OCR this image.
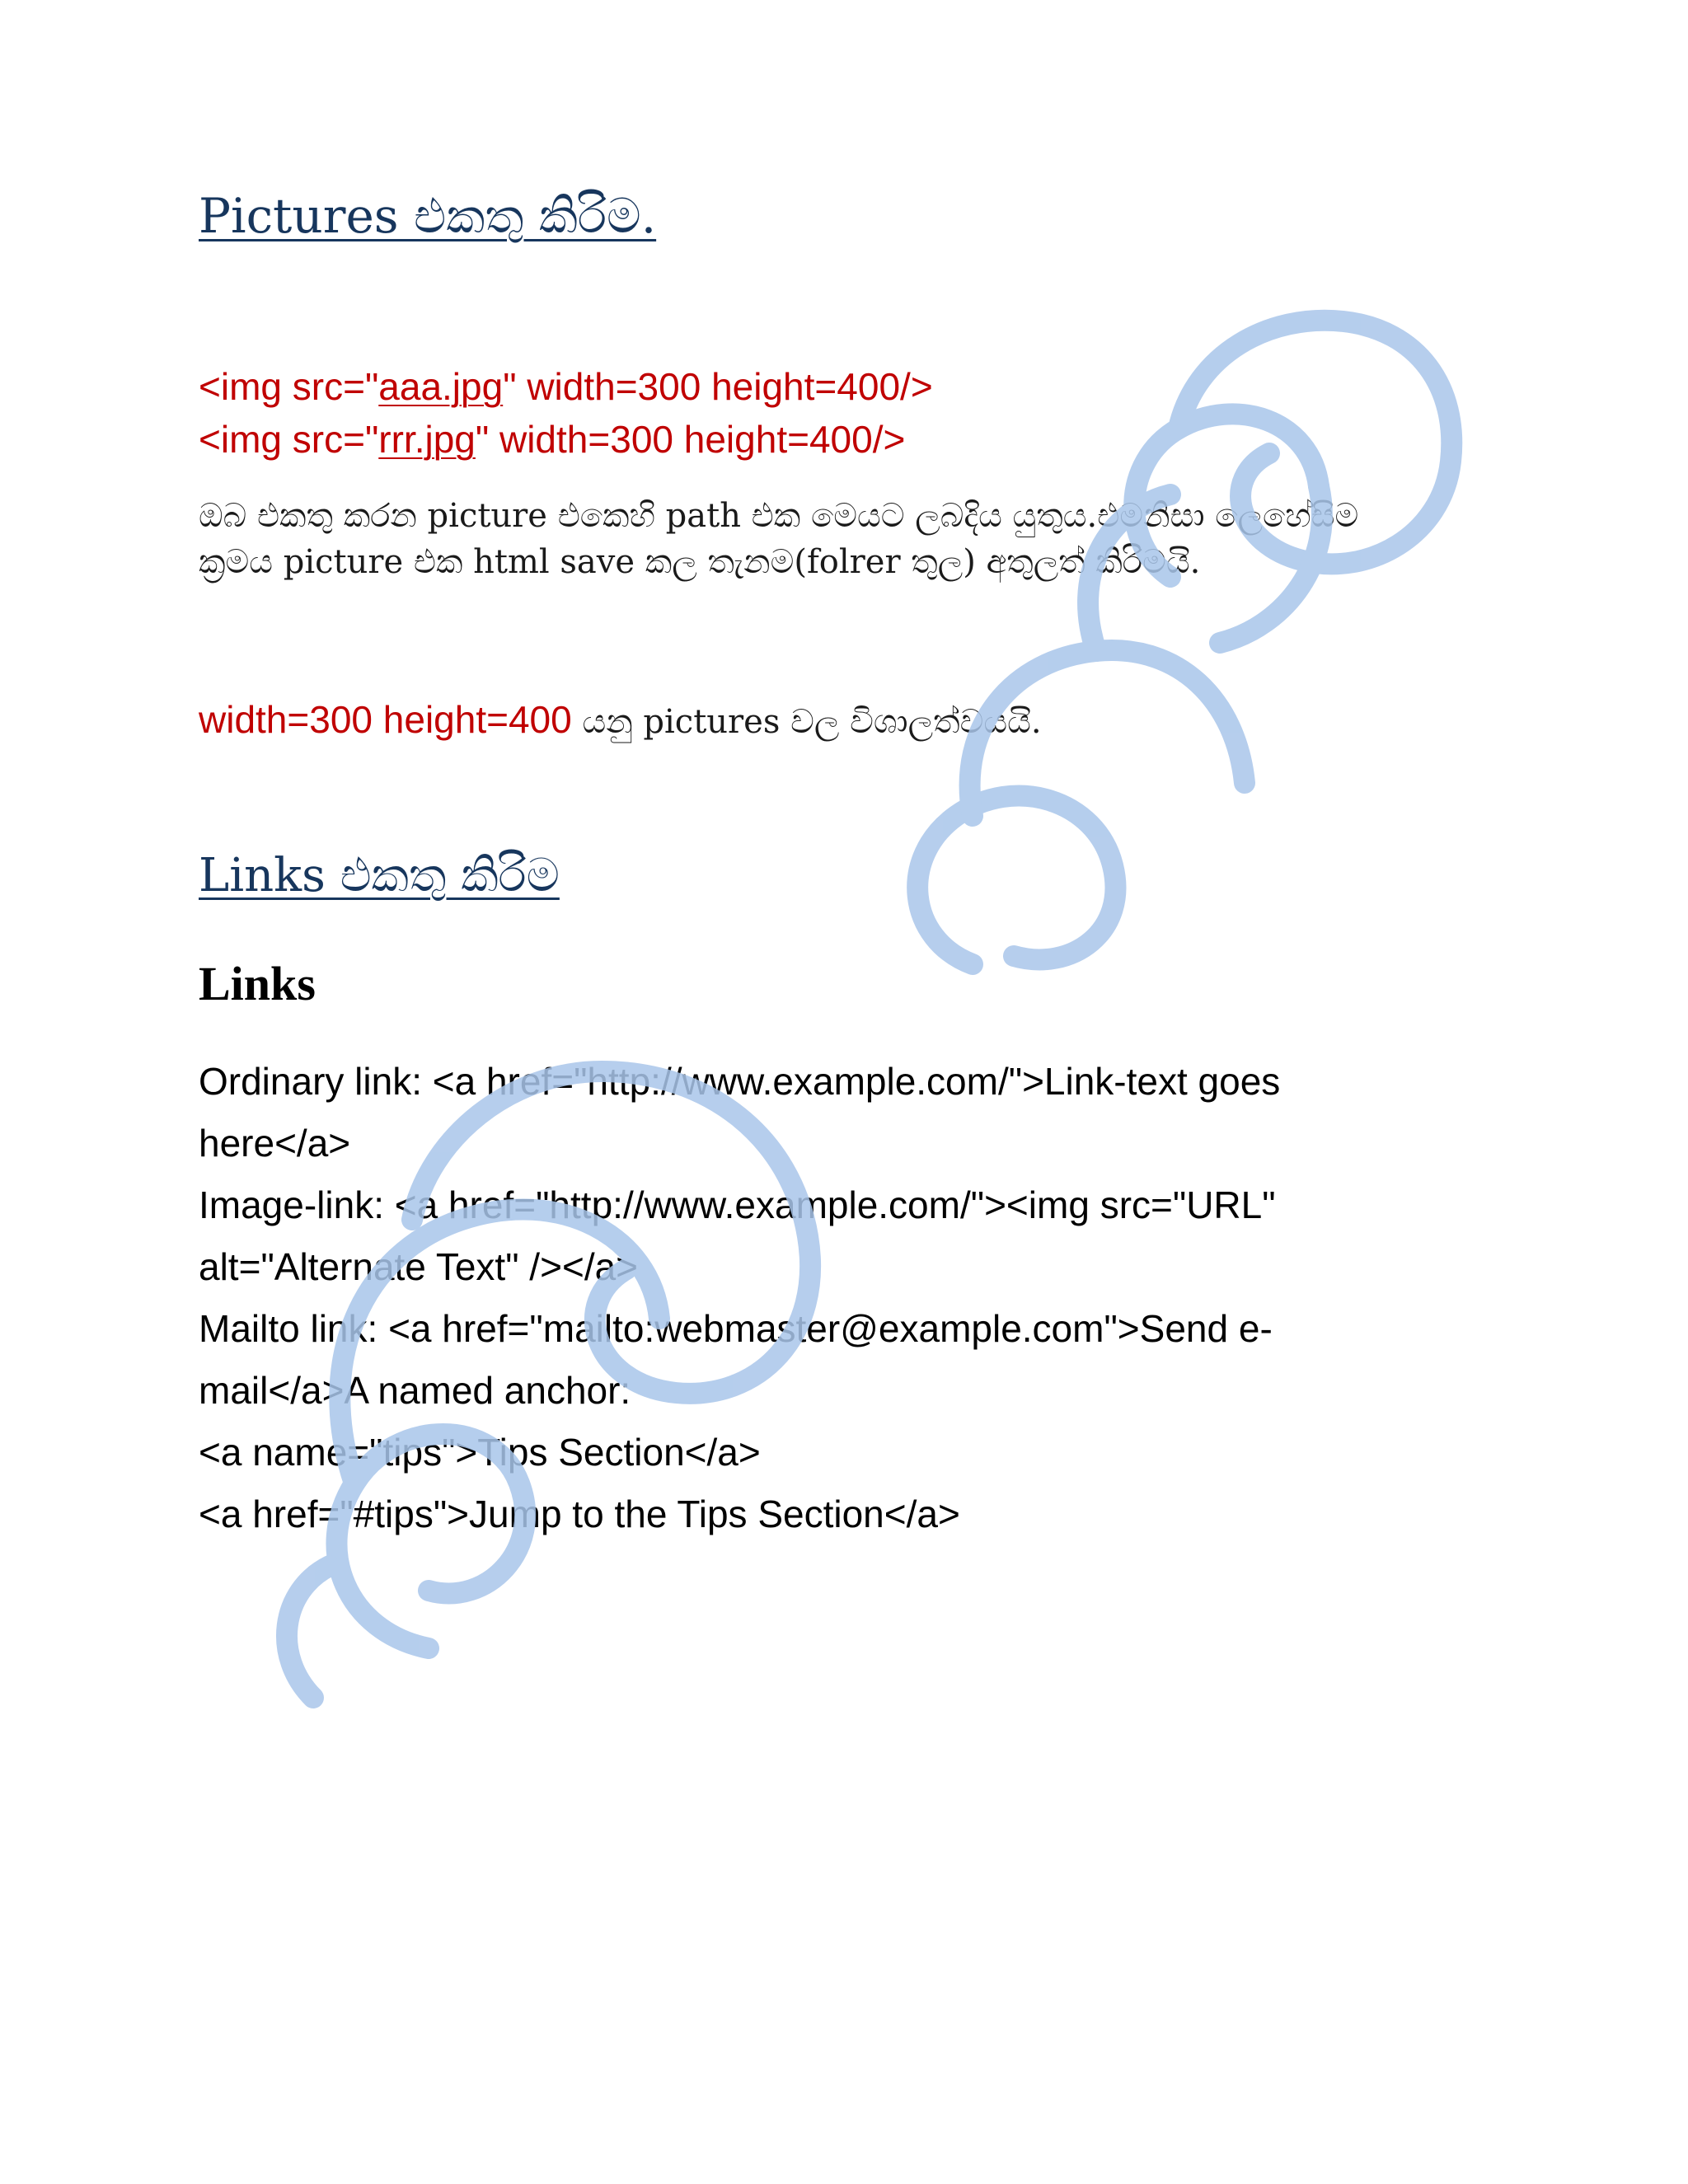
Pictures එකතු කිරිම.
<img src="aaa.jpg" width=300 height=400/>
<img src="rrr.jpg" width=300 height=400/>
ඔබ එකතු කරන picture එකෙහි path එක මෙයට ලබදිය යුතුය.එමනිසා ලෙහේසිම
ක්‍රමය picture එක html save කල තැනම(folrer තුල) අතුලත් කිරිමයි.
width=300 height=400 යනු pictures වල විශාලත්වයයි.
Links එකතු කිරිම
Links
Ordinary link: <a href="http://www.example.com/">Link-text goes
here</a>
Image-link: <a href="http://www.example.com/"><img src="URL"
alt="Alternate Text" /></a>
Mailto link: <a href="mailto:webmaster@example.com">Send e-
mail</a>A named anchor:
<a name="tips">Tips Section</a>
<a href="#tips">Jump to the Tips Section</a>
